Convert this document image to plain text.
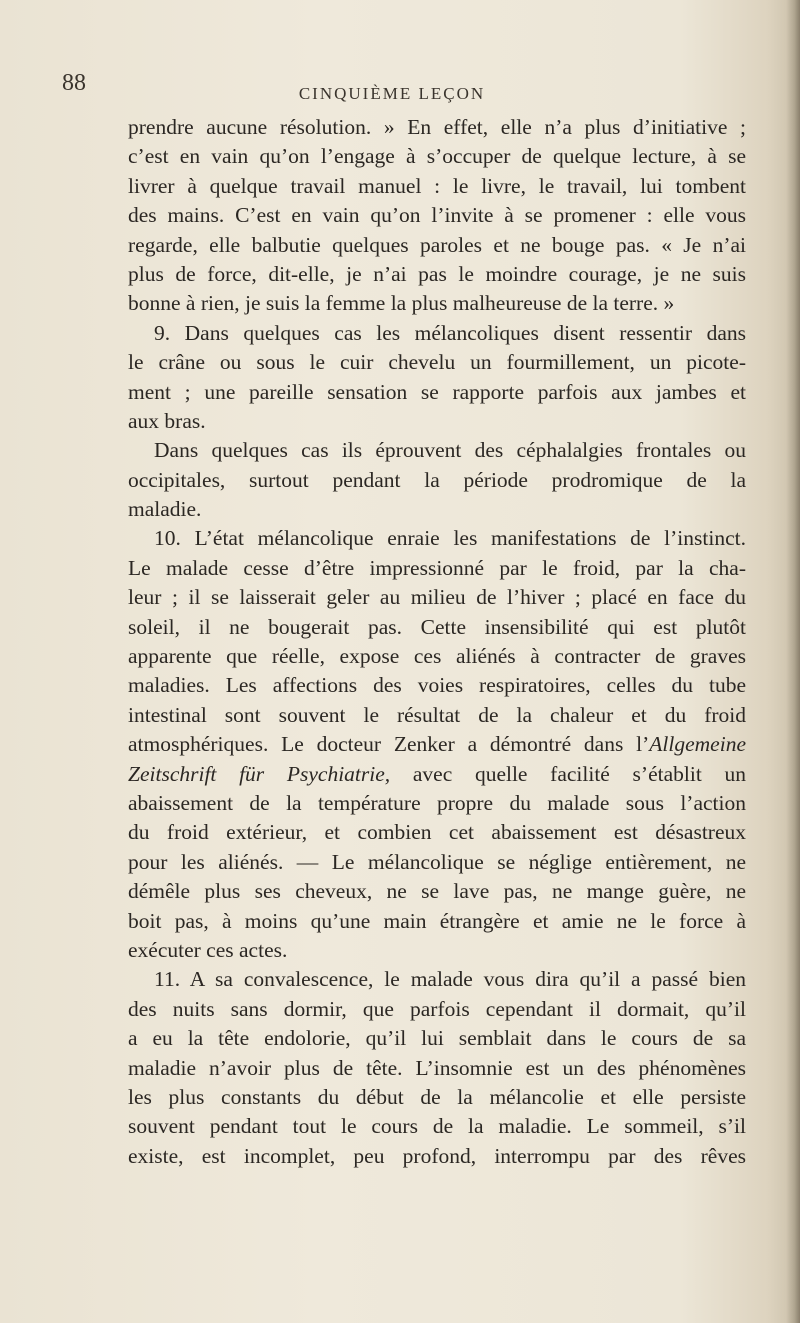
88	CINQUIÈME LEÇON
prendre aucune résolution. » En effet, elle n’a plus d’initiative ;
c’est en vain qu’on l’engage à s’occuper de quelque lecture, à se
livrer à quelque travail manuel : le livre, le travail, lui tombent
des mains. C’est en vain qu’on l’invite à se promener : elle vous
regarde, elle balbutie quelques paroles et ne bouge pas. « Je n’ai
plus de force, dit-elle, je n’ai pas le moindre courage, je ne suis
bonne à rien, je suis la femme la plus malheureuse de la terre. »
9. Dans quelques cas les mélancoliques disent ressentir dans
le crâne ou sous le cuir chevelu un fourmillement, un picote-
ment ; une pareille sensation se rapporte parfois aux jambes et
aux bras.
Dans quelques cas ils éprouvent des céphalalgies frontales ou
occipitales, surtout pendant la période prodromique de la
maladie.
10. L’état mélancolique enraie les manifestations de l’instinct.
Le malade cesse d’être impressionné par le froid, par la cha-
leur ; il se laisserait geler au milieu de l’hiver ; placé en face du
soleil, il ne bougerait pas. Cette insensibilité qui est plutôt
apparente que réelle, expose ces aliénés à contracter de graves
maladies. Les affections des voies respiratoires, celles du tube
intestinal sont souvent le résultat de la chaleur et du froid
atmosphériques. Le docteur Zenker a démontré dans l’Allgemeine
Zeitschrift für Psychiatrie, avec quelle facilité s’établit un
abaissement de la température propre du malade sous l’action
du froid extérieur, et combien cet abaissement est désastreux
pour les aliénés. — Le mélancolique se néglige entièrement, ne
démêle plus ses cheveux, ne se lave pas, ne mange guère, ne
boit pas, à moins qu’une main étrangère et amie ne le force à
exécuter ces actes.
11. A sa convalescence, le malade vous dira qu’il a passé bien
des nuits sans dormir, que parfois cependant il dormait, qu’il
a eu la tête endolorie, qu’il lui semblait dans le cours de sa
maladie n’avoir plus de tête. L’insomnie est un des phénomènes
les plus constants du début de la mélancolie et elle persiste
souvent pendant tout le cours de la maladie. Le sommeil, s’il
existe, est incomplet, peu profond, interrompu par des rêves
